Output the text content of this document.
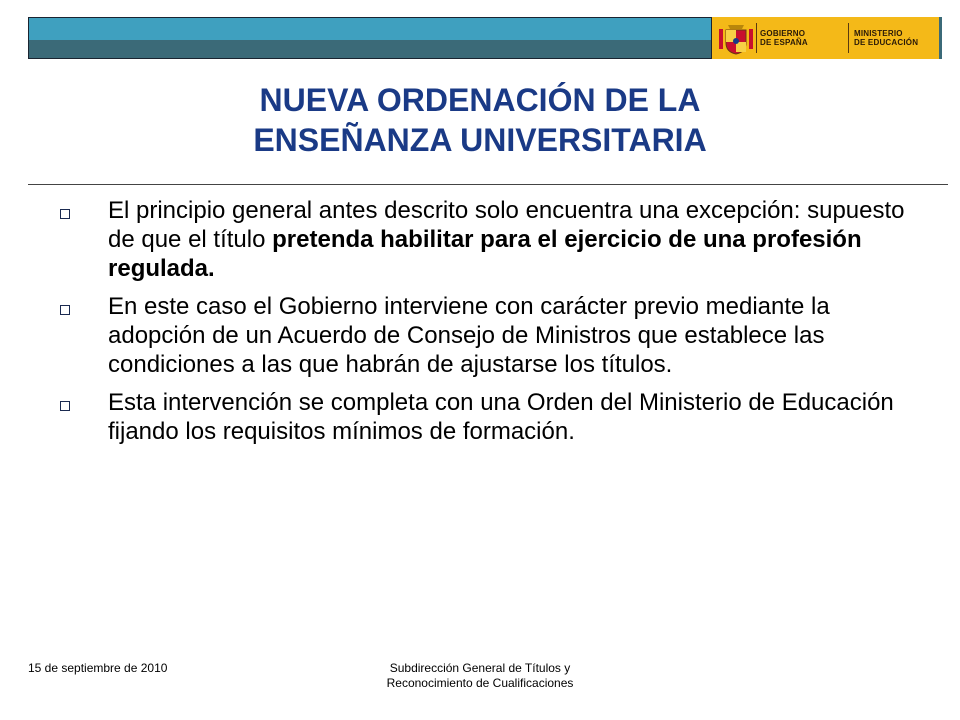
GOBIERNO
DE ESPAÑA
MINISTERIO
DE EDUCACIÓN
NUEVA ORDENACIÓN DE LA
ENSEÑANZA UNIVERSITARIA
El principio general antes descrito solo encuentra una excepción: supuesto de que el título pretenda habilitar para el ejercicio de una profesión regulada.
En este caso el Gobierno interviene con carácter previo mediante la adopción de un Acuerdo de Consejo de Ministros que establece las condiciones a las que habrán de ajustarse los títulos.
Esta intervención se completa con una Orden del Ministerio de Educación fijando los requisitos mínimos de formación.
15 de septiembre de 2010	Subdirección General de Títulos y
Reconocimiento de Cualificaciones
